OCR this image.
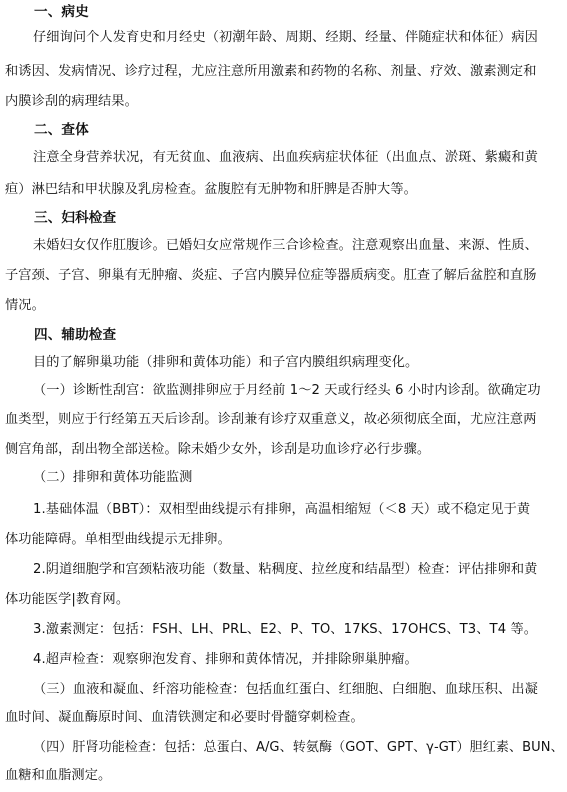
一、病史
仔细询问个人发育史和月经史（初潮年龄、周期、经期、经量、伴随症状和体征）病因
和诱因、发病情况、诊疗过程，尤应注意所用激素和药物的名称、剂量、疗效、激素测定和
内膜诊刮的病理结果。
二、查体
注意全身营养状况，有无贫血、血液病、出血疾病症状体征（出血点、淤斑、紫癜和黄
疸）淋巴结和甲状腺及乳房检查。盆腹腔有无肿物和肝脾是否肿大等。
三、妇科检查
未婚妇女仅作肛腹诊。已婚妇女应常规作三合诊检查。注意观察出血量、来源、性质、
子宫颈、子宫、卵巢有无肿瘤、炎症、子宫内膜异位症等器质病变。肛查了解后盆腔和直肠
情况。
四、辅助检查
目的了解卵巢功能（排卵和黄体功能）和子宫内膜组织病理变化。
（一）诊断性刮宫：欲监测排卵应于月经前 1～2 天或行经头 6 小时内诊刮。欲确定功
血类型，则应于行经第五天后诊刮。诊刮兼有诊疗双重意义，故必须彻底全面，尤应注意两
侧宫角部，刮出物全部送检。除未婚少女外，诊刮是功血诊疗必行步骤。
（二）排卵和黄体功能监测
1.基础体温（BBT）：双相型曲线提示有排卵，高温相缩短（＜8 天）或不稳定见于黄
体功能障碍。单相型曲线提示无排卵。
2.阴道细胞学和宫颈粘液功能（数量、粘稠度、拉丝度和结晶型）检查：评估排卵和黄
体功能医学|教育网。
3.激素测定：包括：FSH、LH、PRL、E2、P、TO、17KS、17OHCS、T3、T4 等。
4.超声检查：观察卵泡发育、排卵和黄体情况，并排除卵巢肿瘤。
（三）血液和凝血、纤溶功能检查：包括血红蛋白、红细胞、白细胞、血球压积、出凝
血时间、凝血酶原时间、血清铁测定和必要时骨髓穿刺检查。
（四）肝肾功能检查：包括：总蛋白、A/G、转氨酶（GOT、GPT、γ-GT）胆红素、BUN、
血糖和血脂测定。
